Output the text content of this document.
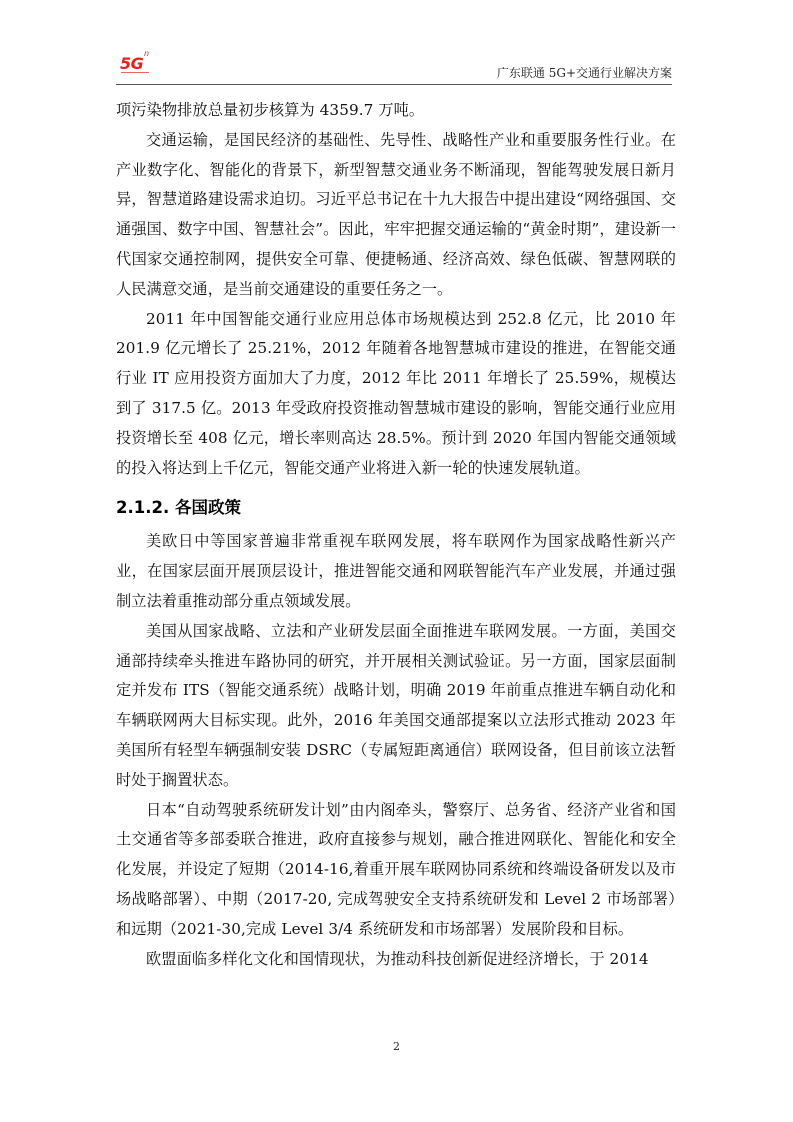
5G
n
广东联通 5G+交通行业解决方案

项污染物排放总量初步核算为 4359.7 万吨。

交通运输，是国民经济的基础性、先导性、战略性产业和重要服务性行业。在产业数字化、智能化的背景下，新型智慧交通业务不断涌现，智能驾驶发展日新月异，智慧道路建设需求迫切。习近平总书记在十九大报告中提出建设“网络强国、交通强国、数字中国、智慧社会”。因此，牢牢把握交通运输的“黄金时期”，建设新一代国家交通控制网，提供安全可靠、便捷畅通、经济高效、绿色低碳、智慧网联的人民满意交通，是当前交通建设的重要任务之一。

2011 年中国智能交通行业应用总体市场规模达到 252.8 亿元，比 2010 年 201.9 亿元增长了 25.21%，2012 年随着各地智慧城市建设的推进，在智能交通行业 IT 应用投资方面加大了力度，2012 年比 2011 年增长了 25.59%，规模达到了 317.5 亿。2013 年受政府投资推动智慧城市建设的影响，智能交通行业应用投资增长至 408 亿元，增长率则高达 28.5%。预计到 2020 年国内智能交通领域的投入将达到上千亿元，智能交通产业将进入新一轮的快速发展轨道。

2.1.2. 各国政策

美欧日中等国家普遍非常重视车联网发展，将车联网作为国家战略性新兴产业，在国家层面开展顶层设计，推进智能交通和网联智能汽车产业发展，并通过强制立法着重推动部分重点领域发展。

美国从国家战略、立法和产业研发层面全面推进车联网发展。一方面，美国交通部持续牵头推进车路协同的研究，并开展相关测试验证。另一方面，国家层面制定并发布 ITS（智能交通系统）战略计划，明确 2019 年前重点推进车辆自动化和车辆联网两大目标实现。此外，2016 年美国交通部提案以立法形式推动 2023 年美国所有轻型车辆强制安装 DSRC（专属短距离通信）联网设备，但目前该立法暂时处于搁置状态。

日本“自动驾驶系统研发计划”由内阁牵头，警察厅、总务省、经济产业省和国土交通省等多部委联合推进，政府直接参与规划，融合推进网联化、智能化和安全化发展，并设定了短期（2014-16,着重开展车联网协同系统和终端设备研发以及市场战略部署）、中期（2017-20, 完成驾驶安全支持系统研发和 Level 2 市场部署）和远期（2021-30,完成 Level 3/4 系统研发和市场部署）发展阶段和目标。

欧盟面临多样化文化和国情现状，为推动科技创新促进经济增长，于 2014

2
